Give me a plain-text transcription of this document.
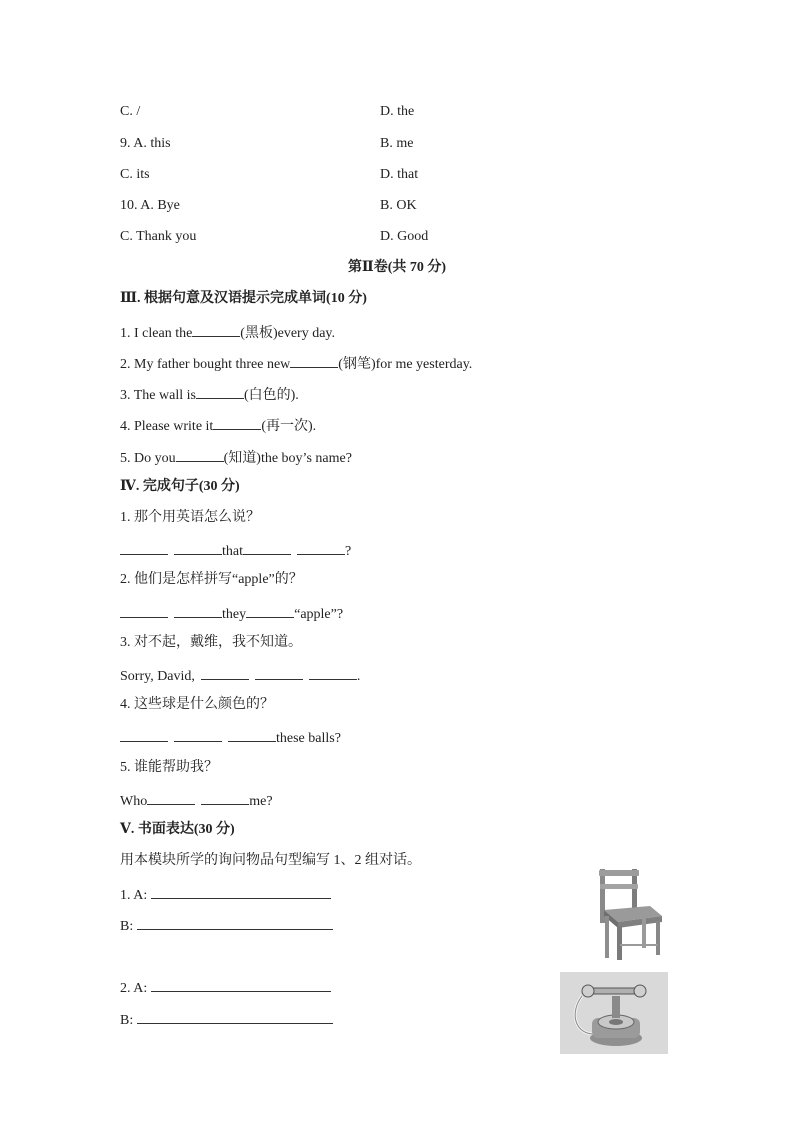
C. /	D. the
9. A. this	B. me
C. its	D. that
10. A. Bye	B. OK
C. Thank you	D. Good
第Ⅱ卷(共 70 分)
Ⅲ. 根据句意及汉语提示完成单词(10 分)
1. I clean the	(黑板)every day.
2. My father bought three new	(钢笔)for me yesterday.
3. The wall is	(白色的).
4. Please write it	(再一次).
5. Do you	(知道)the boy’s name?
Ⅳ. 完成句子(30 分)
1. 那个用英语怎么说？
that	?
2. 他们是怎样拼写“apple”的？
they	“apple”?
3. 对不起，戴维，我不知道。
Sorry, David,	.
4. 这些球是什么颜色的？
these balls?
5. 谁能帮助我？
Who	me?
Ⅴ. 书面表达(30 分)
用本模块所学的询问物品句型编写 1、2 组对话。
1. A:
B:
2. A:
B:
